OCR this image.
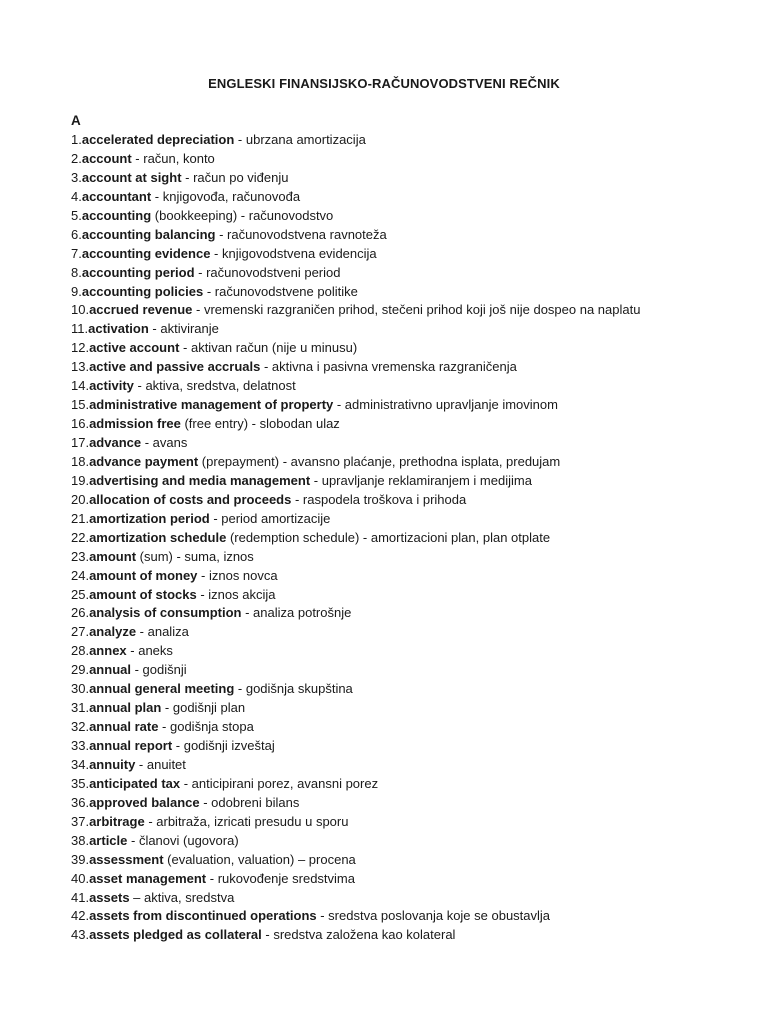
ENGLESKI FINANSIJSKO-RAČUNOVODSTVENI REČNIK
A
1.accelerated depreciation - ubrzana amortizacija
2.account - račun, konto
3.account at sight - račun po viđenju
4.accountant - knjigovođa, računovođa
5.accounting (bookkeeping) - računovodstvo
6.accounting balancing - računovodstvena ravnoteža
7.accounting evidence - knjigovodstvena evidencija
8.accounting period - računovodstveni period
9.accounting policies - računovodstvene politike
10.accrued revenue - vremenski razgraničen prihod, stečeni prihod koji još nije dospeo na naplatu
11.activation - aktiviranje
12.active account - aktivan račun (nije u minusu)
13.active and passive accruals - aktivna i pasivna vremenska razgraničenja
14.activity - aktiva, sredstva, delatnost
15.administrative management of property - administrativno upravljanje imovinom
16.admission free (free entry) - slobodan ulaz
17.advance - avans
18.advance payment (prepayment) - avansno plaćanje, prethodna isplata, predujam
19.advertising and media management - upravljanje reklamiranjem i medijima
20.allocation of costs and proceeds - raspodela troškova i prihoda
21.amortization period - period amortizacije
22.amortization schedule (redemption schedule) - amortizacioni plan, plan otplate
23.amount (sum) - suma, iznos
24.amount of money - iznos novca
25.amount of stocks - iznos akcija
26.analysis of consumption - analiza potrošnje
27.analyze - analiza
28.annex - aneks
29.annual - godišnji
30.annual general meeting - godišnja skupština
31.annual plan - godišnji plan
32.annual rate - godišnja stopa
33.annual report - godišnji izveštaj
34.annuity - anuitet
35.anticipated tax - anticipirani porez, avansni porez
36.approved balance - odobreni bilans
37.arbitrage - arbitraža, izricati presudu u sporu
38.article - članovi (ugovora)
39.assessment (evaluation, valuation) – procena
40.asset management - rukovođenje sredstvima
41.assets – aktiva, sredstva
42.assets from discontinued operations - sredstva poslovanja koje se obustavlja
43.assets pledged as collateral - sredstva založena kao kolateral
